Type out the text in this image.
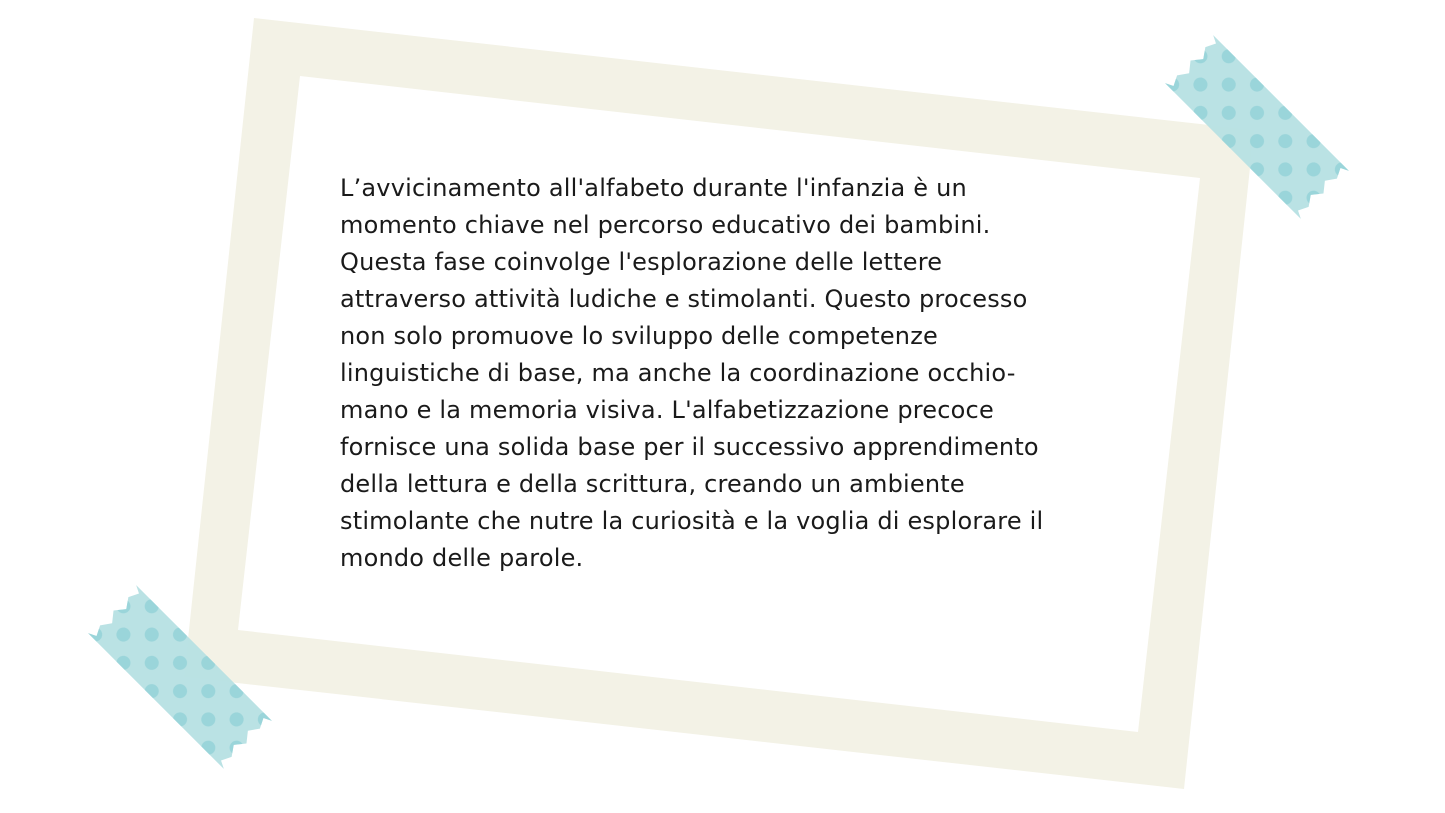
L’avvicinamento all'alfabeto durante l'infanzia è un
momento chiave nel percorso educativo dei bambini.
Questa fase coinvolge l'esplorazione delle lettere
attraverso attività ludiche e stimolanti. Questo processo
non solo promuove lo sviluppo delle competenze
linguistiche di base, ma anche la coordinazione occhio-
mano e la memoria visiva. L'alfabetizzazione precoce
fornisce una solida base per il successivo apprendimento
della lettura e della scrittura, creando un ambiente
stimolante che nutre la curiosità e la voglia di esplorare il
mondo delle parole.
